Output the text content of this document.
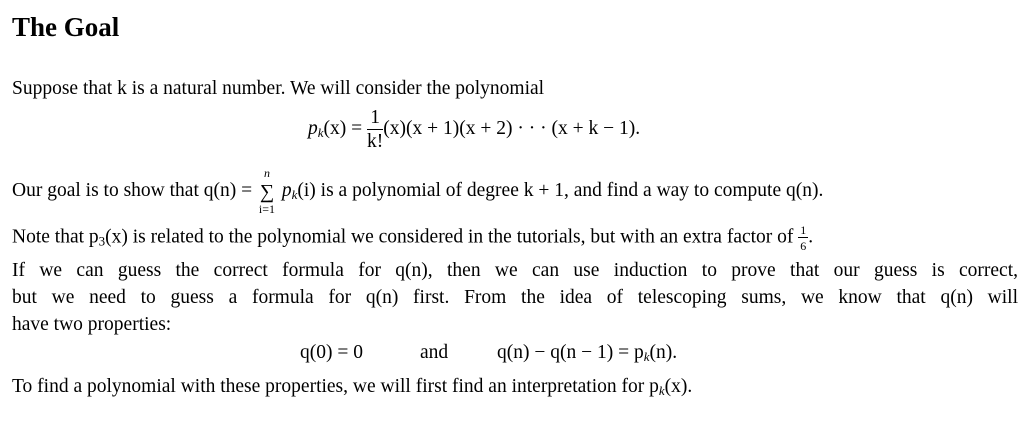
The Goal
Suppose that k is a natural number. We will consider the polynomial
$p_k(x) = \frac{1}{k!} (x)(x + 1)(x + 2)$ · · · (x + k − 1).
Our goal is to show that q(n) =
n
∑
i=1
$p_k(i)$ is a polynomial of degree k + 1, and find a way to compute q(n).
Note that $p_3(x)$ is related to the polynomial we considered in the tutorials, but with an extra factor of $\frac{1}{6}$ .
If we can guess the correct formula for q(n), then we can use induction to prove that our guess is correct,
but we need to guess a formula for q(n) first. From the idea of telescoping sums, we know that q(n) will
have two properties:
q(0) = 0	and	$q(n) - q(n - 1) = p_k(n)$.
To find a polynomial with these properties, we will first find an interpretation for $p_k(x)$.
